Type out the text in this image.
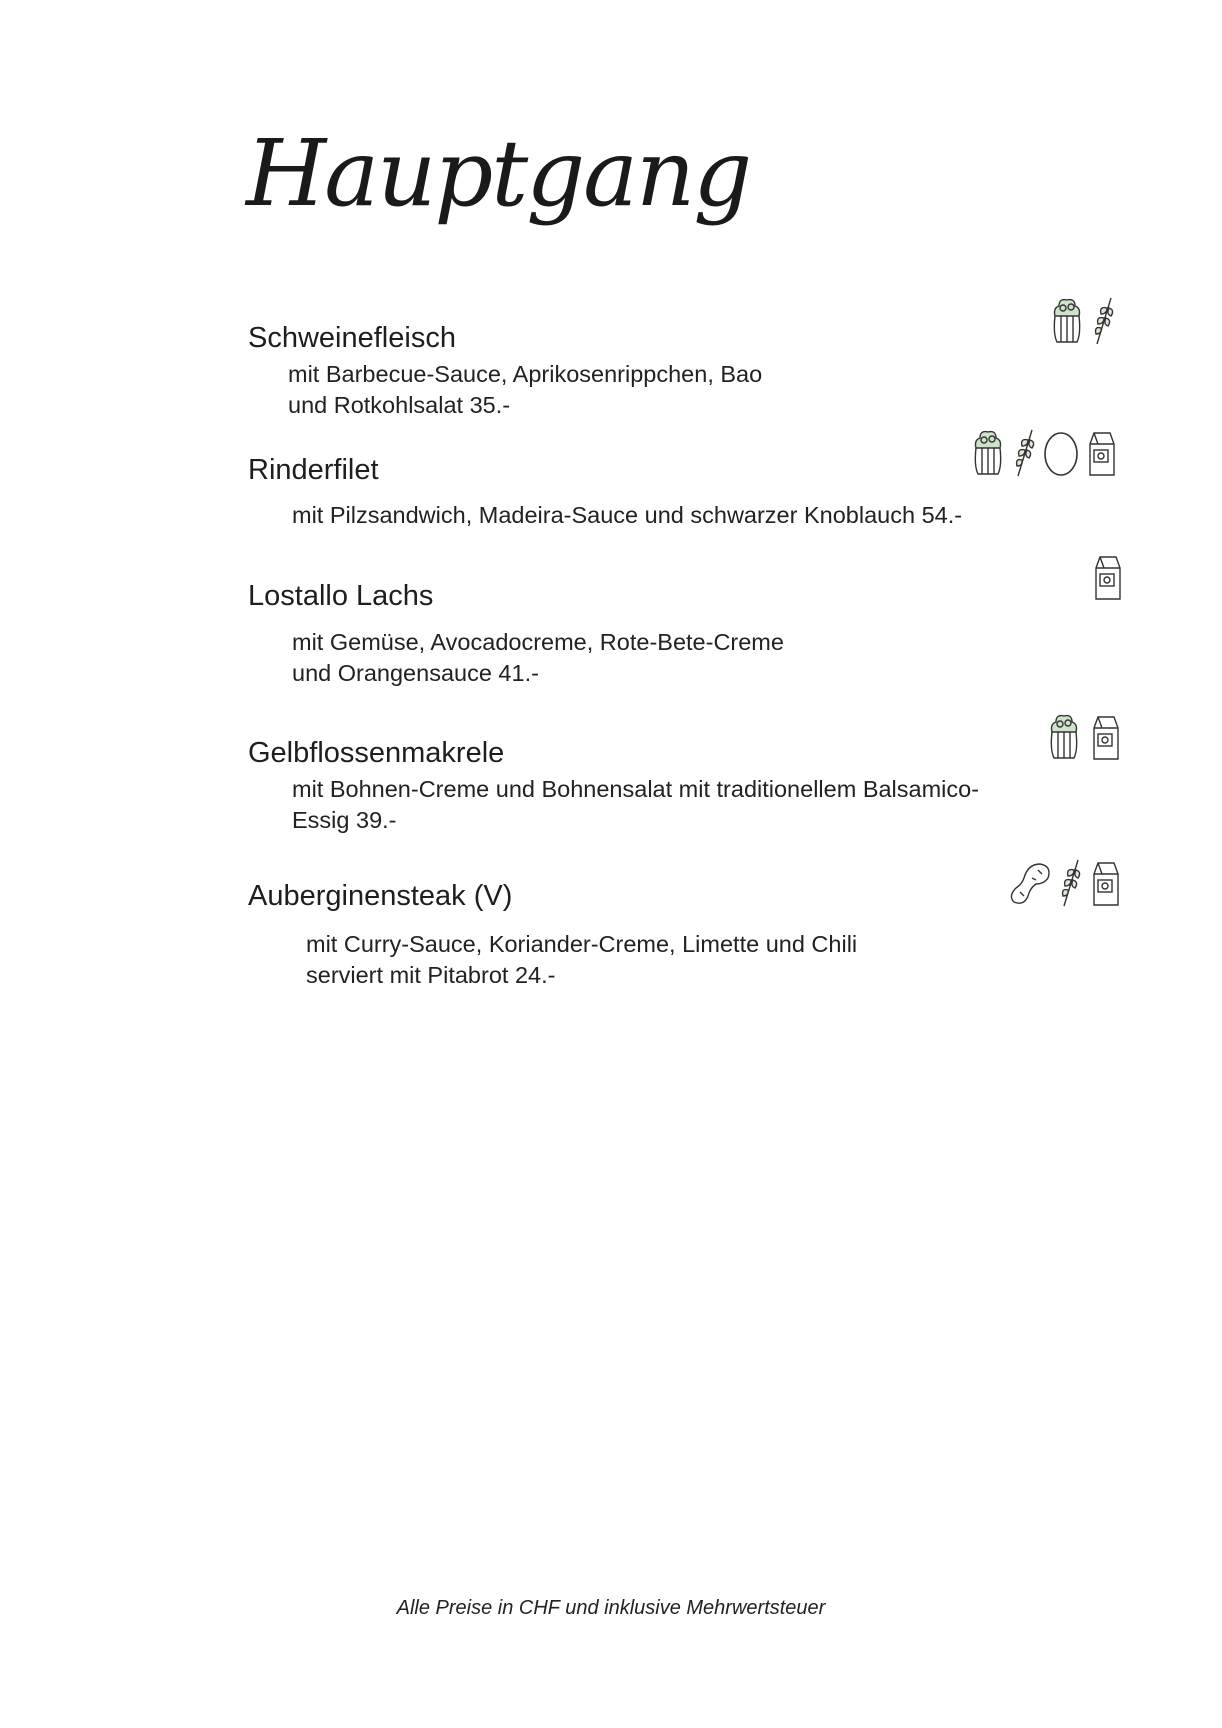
Hauptgang
Schweinefleisch
mit Barbecue-Sauce, Aprikosenrippchen, Bao
und Rotkohlsalat 35.-
Rinderfilet
mit Pilzsandwich, Madeira-Sauce und schwarzer Knoblauch 54.-
Lostallo Lachs
mit Gemüse, Avocadocreme, Rote-Bete-Creme
und Orangensauce 41.-
Gelbflossenmakrele
mit Bohnen-Creme und Bohnensalat mit traditionellem Balsamico-
Essig 39.-
Auberginensteak (V)
mit Curry-Sauce, Koriander-Creme, Limette und Chili
serviert mit Pitabrot 24.-
Alle Preise in CHF und inklusive Mehrwertsteuer
